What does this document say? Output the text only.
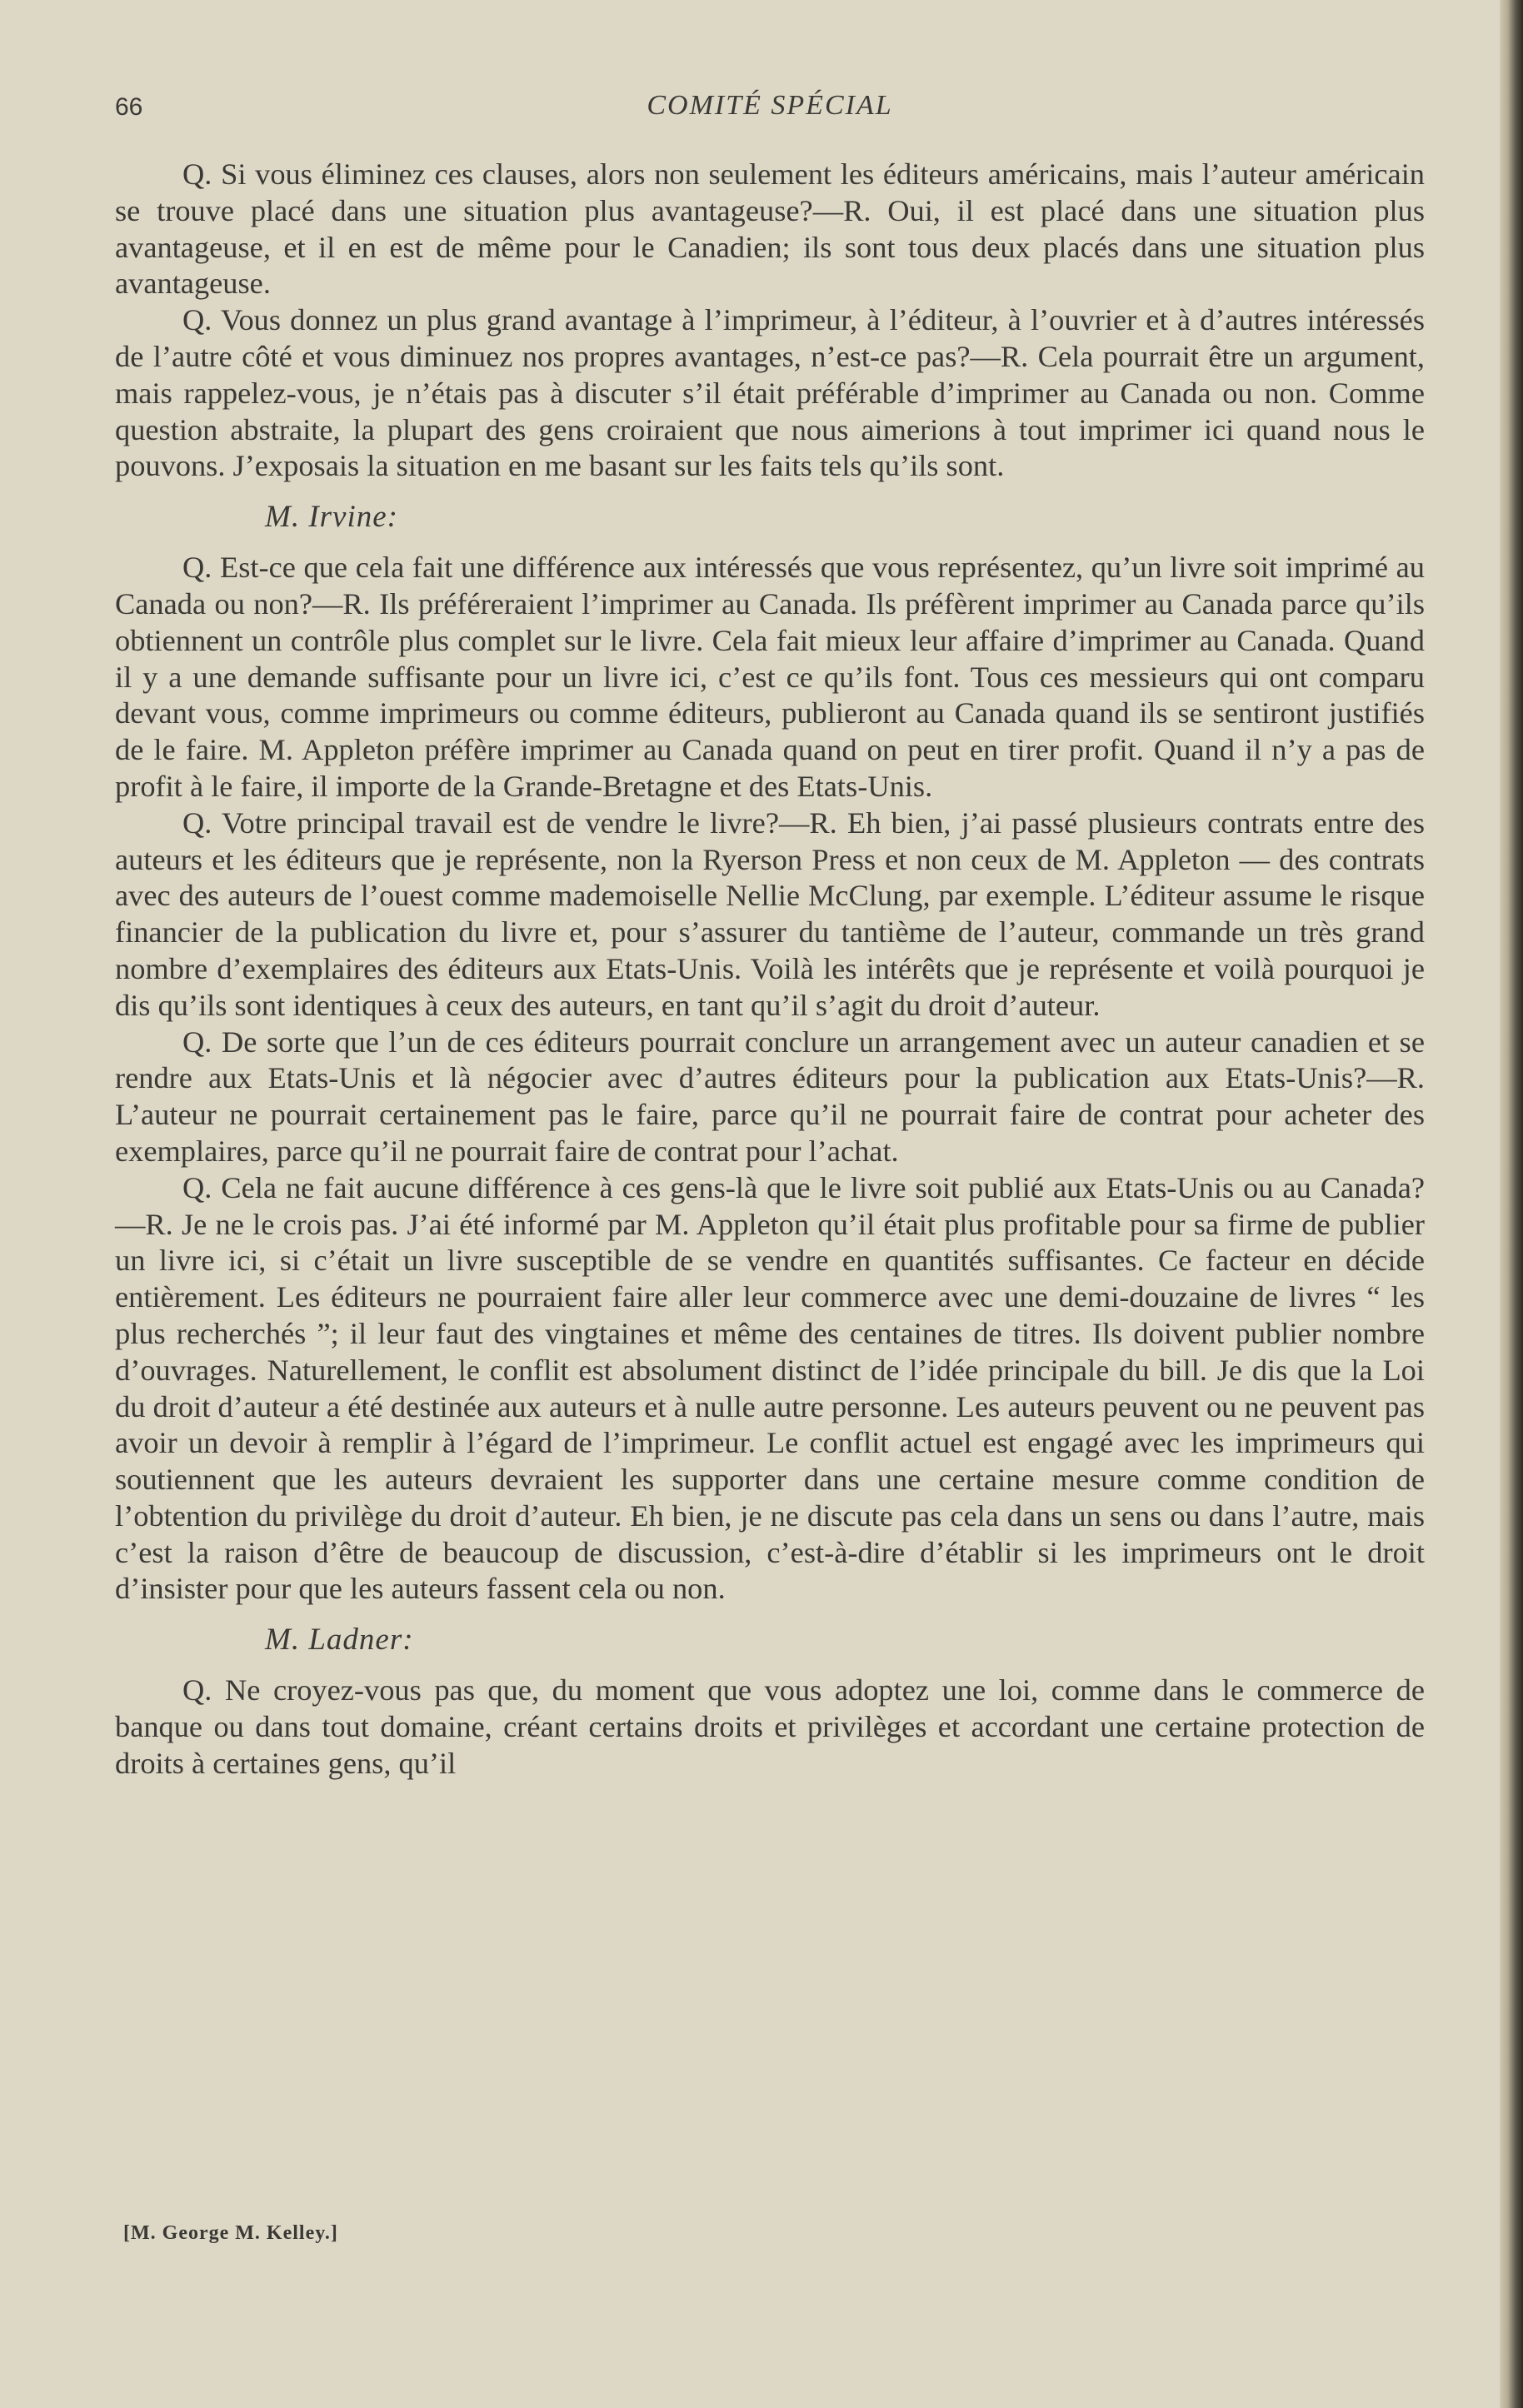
66	COMITÉ SPÉCIAL

Q. Si vous éliminez ces clauses, alors non seulement les éditeurs américains, mais l’auteur américain se trouve placé dans une situation plus avantageuse?—R. Oui, il est placé dans une situation plus avantageuse, et il en est de même pour le Canadien; ils sont tous deux placés dans une situation plus avantageuse.

Q. Vous donnez un plus grand avantage à l’imprimeur, à l’éditeur, à l’ouvrier et à d’autres intéressés de l’autre côté et vous diminuez nos propres avantages, n’est-ce pas?—R. Cela pourrait être un argument, mais rappelez-vous, je n’étais pas à discuter s’il était préférable d’imprimer au Canada ou non. Comme question abstraite, la plupart des gens croiraient que nous aimerions à tout imprimer ici quand nous le pouvons. J’exposais la situation en me basant sur les faits tels qu’ils sont.

M. Irvine:

Q. Est-ce que cela fait une différence aux intéressés que vous représentez, qu’un livre soit imprimé au Canada ou non?—R. Ils préféreraient l’imprimer au Canada. Ils préfèrent imprimer au Canada parce qu’ils obtiennent un contrôle plus complet sur le livre. Cela fait mieux leur affaire d’imprimer au Canada. Quand il y a une demande suffisante pour un livre ici, c’est ce qu’ils font. Tous ces messieurs qui ont comparu devant vous, comme imprimeurs ou comme éditeurs, publieront au Canada quand ils se sentiront justifiés de le faire. M. Appleton préfère imprimer au Canada quand on peut en tirer profit. Quand il n’y a pas de profit à le faire, il importe de la Grande-Bretagne et des Etats-Unis.

Q. Votre principal travail est de vendre le livre?—R. Eh bien, j’ai passé plusieurs contrats entre des auteurs et les éditeurs que je représente, non la Ryerson Press et non ceux de M. Appleton — des contrats avec des auteurs de l’ouest comme mademoiselle Nellie McClung, par exemple. L’éditeur assume le risque financier de la publication du livre et, pour s’assurer du tantième de l’auteur, commande un très grand nombre d’exemplaires des éditeurs aux Etats-Unis. Voilà les intérêts que je représente et voilà pourquoi je dis qu’ils sont identiques à ceux des auteurs, en tant qu’il s’agit du droit d’auteur.

Q. De sorte que l’un de ces éditeurs pourrait conclure un arrangement avec un auteur canadien et se rendre aux Etats-Unis et là négocier avec d’autres éditeurs pour la publication aux Etats-Unis?—R. L’auteur ne pourrait certainement pas le faire, parce qu’il ne pourrait faire de contrat pour acheter des exemplaires, parce qu’il ne pourrait faire de contrat pour l’achat.

Q. Cela ne fait aucune différence à ces gens-là que le livre soit publié aux Etats-Unis ou au Canada?—R. Je ne le crois pas. J’ai été informé par M. Appleton qu’il était plus profitable pour sa firme de publier un livre ici, si c’était un livre susceptible de se vendre en quantités suffisantes. Ce facteur en décide entièrement. Les éditeurs ne pourraient faire aller leur commerce avec une demi-douzaine de livres “ les plus recherchés ”; il leur faut des vingtaines et même des centaines de titres. Ils doivent publier nombre d’ouvrages. Naturellement, le conflit est absolument distinct de l’idée principale du bill. Je dis que la Loi du droit d’auteur a été destinée aux auteurs et à nulle autre personne. Les auteurs peuvent ou ne peuvent pas avoir un devoir à remplir à l’égard de l’imprimeur. Le conflit actuel est engagé avec les imprimeurs qui soutiennent que les auteurs devraient les supporter dans une certaine mesure comme condition de l’obtention du privilège du droit d’auteur. Eh bien, je ne discute pas cela dans un sens ou dans l’autre, mais c’est la raison d’être de beaucoup de discussion, c’est-à-dire d’établir si les imprimeurs ont le droit d’insister pour que les auteurs fassent cela ou non.

M. Ladner:

Q. Ne croyez-vous pas que, du moment que vous adoptez une loi, comme dans le commerce de banque ou dans tout domaine, créant certains droits et privilèges et accordant une certaine protection de droits à certaines gens, qu’il

[M. George M. Kelley.]
